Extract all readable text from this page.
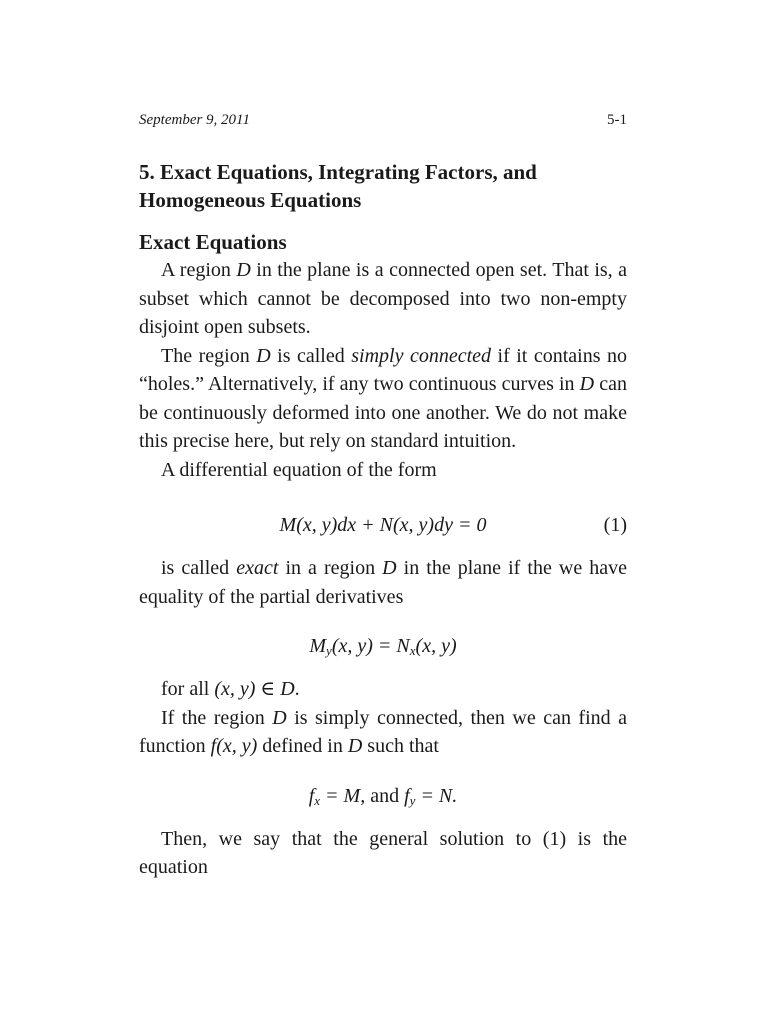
September 9, 2011	5-1
5. Exact Equations, Integrating Factors, and Homogeneous Equations
Exact Equations

A region D in the plane is a connected open set. That is, a subset which cannot be decomposed into two non-empty disjoint open subsets.

The region D is called simply connected if it contains no “holes.” Alternatively, if any two continuous curves in D can be continuously deformed into one another. We do not make this precise here, but rely on standard intuition.

A differential equation of the form

M(x, y)dx + N(x, y)dy = 0	(1)

is called exact in a region D in the plane if the we have equality of the partial derivatives

$M_y(x$, $y) = N_x(x$, y)

for all (x, y) ∈ D.

If the region D is simply connected, then we can find a function f(x, y) defined in D such that

$f_x = M$, and $f_y = N$.

Then, we say that the general solution to (1) is the equation
